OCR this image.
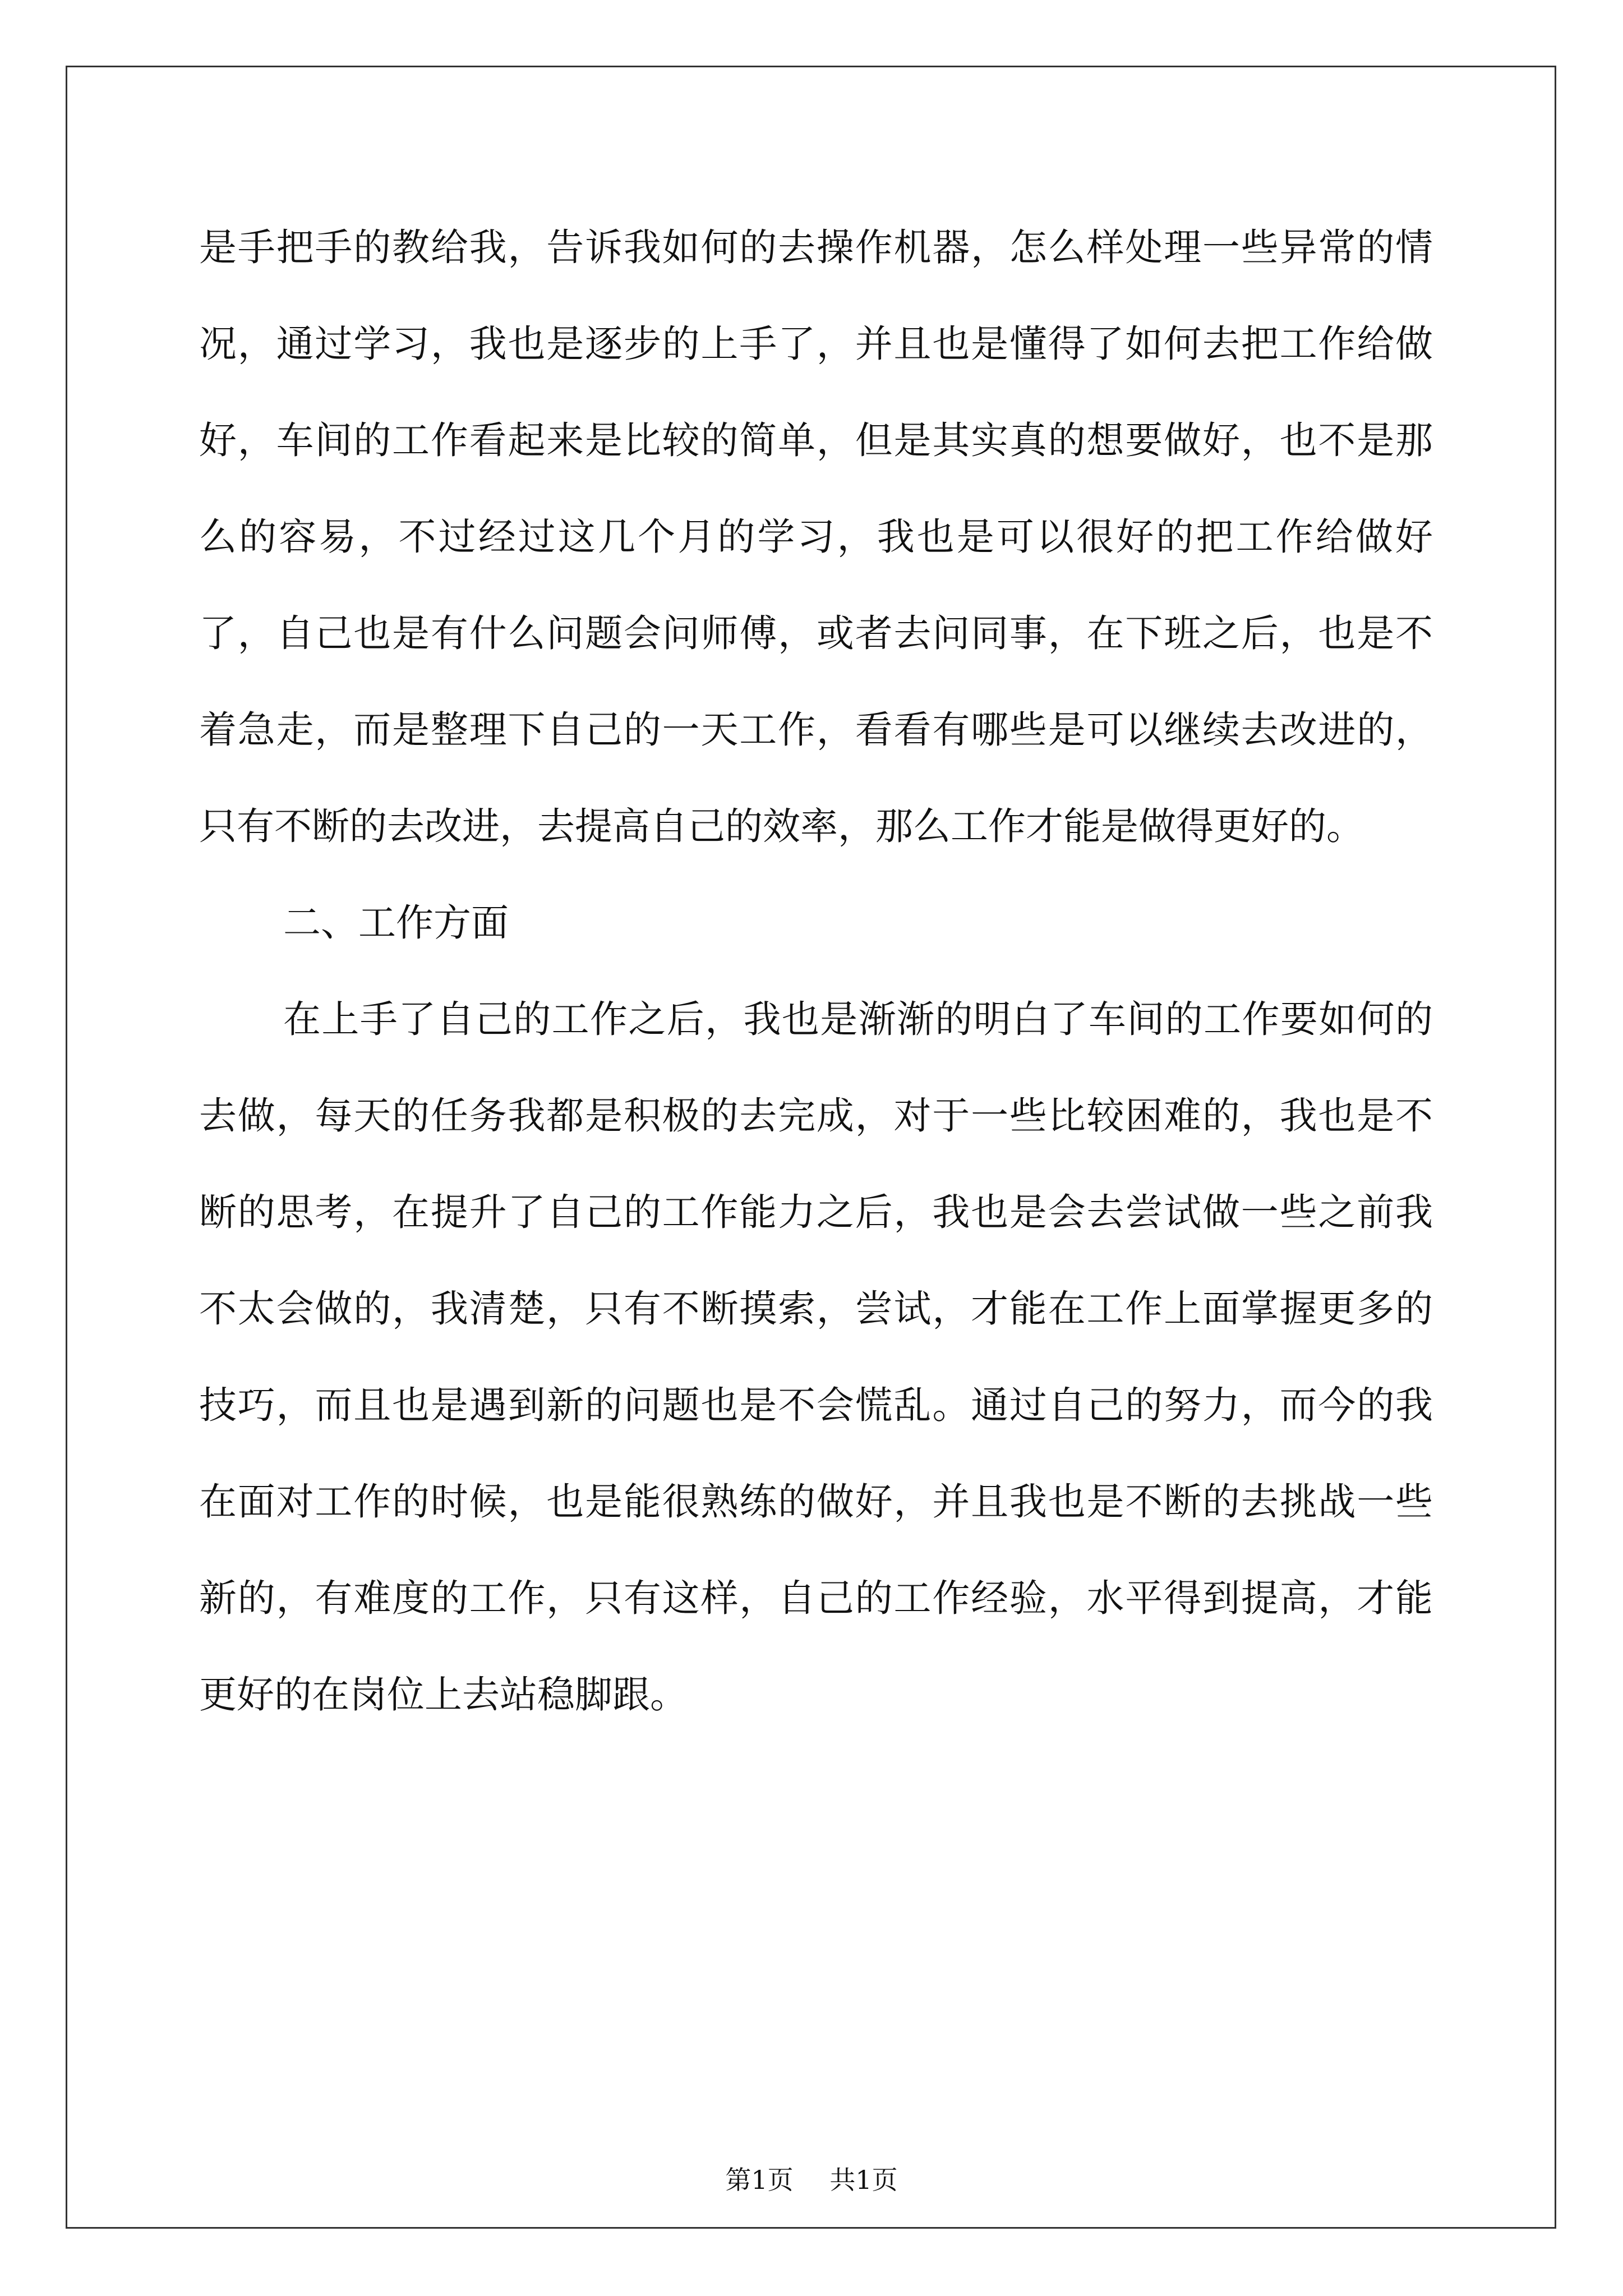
是手把手的教给我，告诉我如何的去操作机器，怎么样处理一些异常的情况，通过学习，我也是逐步的上手了，并且也是懂得了如何去把工作给做好，车间的工作看起来是比较的简单，但是其实真的想要做好，也不是那么的容易，不过经过这几个月的学习，我也是可以很好的把工作给做好了，自己也是有什么问题会问师傅，或者去问同事，在下班之后，也是不着急走，而是整理下自己的一天工作，看看有哪些是可以继续去改进的，只有不断的去改进，去提高自己的效率，那么工作才能是做得更好的。

二、工作方面

在上手了自己的工作之后，我也是渐渐的明白了车间的工作要如何的去做，每天的任务我都是积极的去完成，对于一些比较困难的，我也是不断的思考，在提升了自己的工作能力之后，我也是会去尝试做一些之前我不太会做的，我清楚，只有不断摸索，尝试，才能在工作上面掌握更多的技巧，而且也是遇到新的问题也是不会慌乱。通过自己的努力，而今的我在面对工作的时候，也是能很熟练的做好，并且我也是不断的去挑战一些新的，有难度的工作，只有这样，自己的工作经验，水平得到提高，才能更好的在岗位上去站稳脚跟。

第1页 共1页
